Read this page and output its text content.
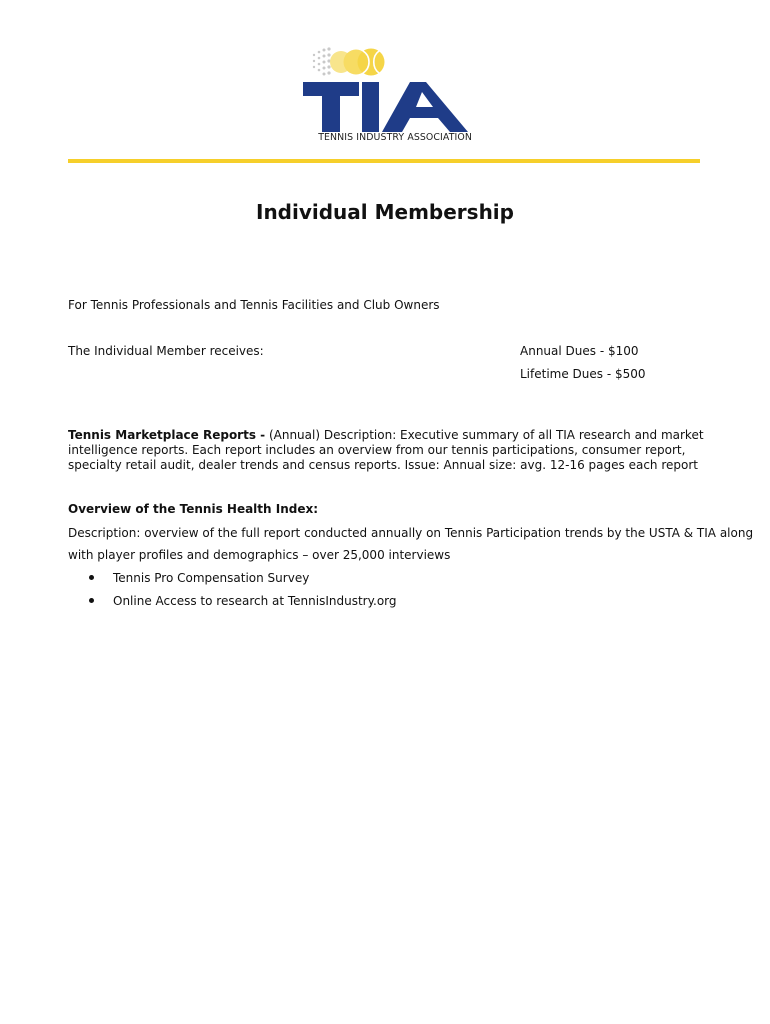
TENNIS INDUSTRY ASSOCIATION
Individual Membership

For Tennis Professionals and Tennis Facilities and Club Owners

The Individual Member receives:	Annual Dues - $100

Lifetime Dues - $500

Tennis Marketplace Reports - (Annual) Description: Executive summary of all TIA research and market
intelligence reports. Each report includes an overview from our tennis participations, consumer report,
specialty retail audit, dealer trends and census reports. Issue: Annual size: avg. 12-16 pages each report

Overview of the Tennis Health Index:

Description: overview of the full report conducted annually on Tennis Participation trends by the USTA & TIA along

with player profiles and demographics – over 25,000 interviews

Tennis Pro Compensation Survey
Online Access to research at TennisIndustry.org
